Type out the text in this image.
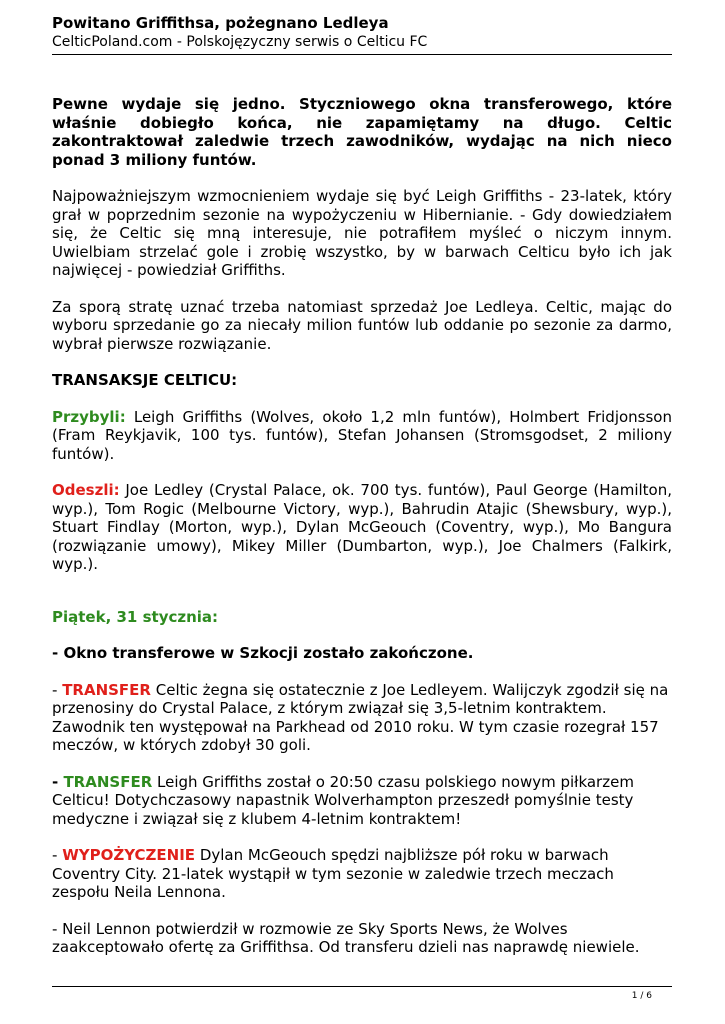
Powitano Griffithsa, pożegnano Ledleya

CelticPoland.com - Polskojęzyczny serwis o Celticu FC

Pewne wydaje się jedno. Styczniowego okna transferowego, które właśnie dobiegło końca, nie zapamiętamy na długo. Celtic zakontraktował zaledwie trzech zawodników, wydając na nich nieco ponad 3 miliony funtów.

Najpoważniejszym wzmocnieniem wydaje się być Leigh Griffiths - 23-latek, który grał w poprzednim sezonie na wypożyczeniu w Hibernianie. - Gdy dowiedziałem się, że Celtic się mną interesuje, nie potrafiłem myśleć o niczym innym. Uwielbiam strzelać gole i zrobię wszystko, by w barwach Celticu było ich jak najwięcej - powiedział Griffiths.

Za sporą stratę uznać trzeba natomiast sprzedaż Joe Ledleya. Celtic, mając do wyboru sprzedanie go za niecały milion funtów lub oddanie po sezonie za darmo, wybrał pierwsze rozwiązanie.

TRANSAKSJE CELTICU:

Przybyli: Leigh Griffiths (Wolves, około 1,2 mln funtów), Holmbert Fridjonsson (Fram Reykjavik, 100 tys. funtów), Stefan Johansen (Stromsgodset, 2 miliony funtów).

Odeszli: Joe Ledley (Crystal Palace, ok. 700 tys. funtów), Paul George (Hamilton, wyp.), Tom Rogic (Melbourne Victory, wyp.), Bahrudin Atajic (Shewsbury, wyp.), Stuart Findlay (Morton, wyp.), Dylan McGeouch (Coventry, wyp.), Mo Bangura (rozwiązanie umowy), Mikey Miller (Dumbarton, wyp.), Joe Chalmers (Falkirk, wyp.).

Piątek, 31 stycznia:

- Okno transferowe w Szkocji zostało zakończone.

- TRANSFER Celtic żegna się ostatecznie z Joe Ledleyem. Walijczyk zgodził się na przenosiny do Crystal Palace, z którym związał się 3,5-letnim kontraktem. Zawodnik ten występował na Parkhead od 2010 roku. W tym czasie rozegrał 157 meczów, w których zdobył 30 goli.

- TRANSFER Leigh Griffiths został o 20:50 czasu polskiego nowym piłkarzem Celticu! Dotychczasowy napastnik Wolverhampton przeszedł pomyślnie testy medyczne i związał się z klubem 4-letnim kontraktem!

- WYPOŻYCZENIE Dylan McGeouch spędzi najbliższe pół roku w barwach Coventry City. 21-latek wystąpił w tym sezonie w zaledwie trzech meczach zespołu Neila Lennona.

- Neil Lennon potwierdził w rozmowie ze Sky Sports News, że Wolves zaakceptowało ofertę za Griffithsa. Od transferu dzieli nas naprawdę niewiele.

1 / 6
